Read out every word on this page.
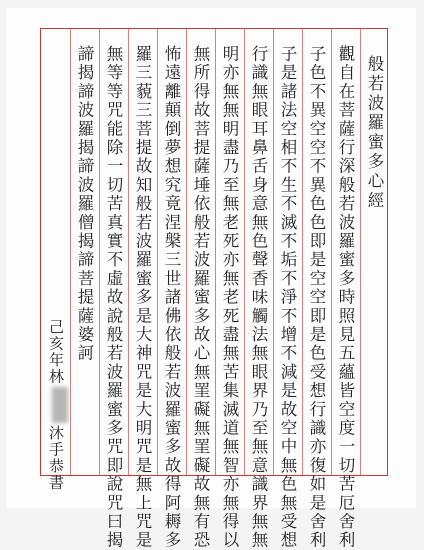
般若波羅蜜多心經
觀自在菩薩行深般若波羅蜜多時照見五蘊皆空度一切苦厄舍利
子色不異空空不異色色即是空空即是色受想行識亦復如是舍利
子是諸法空相不生不滅不垢不淨不增不減是故空中無色無受想
行識無眼耳鼻舌身意無色聲香味觸法無眼界乃至無意識界無無
明亦無無明盡乃至無老死亦無老死盡無苦集滅道無智亦無得以
無所得故菩提薩埵依般若波羅蜜多故心無罣礙無罣礙故無有恐
怖遠離顛倒夢想究竟涅槃三世諸佛依般若波羅蜜多故得阿耨多
羅三藐三菩提故知般若波羅蜜多是大神咒是大明咒是無上咒是
無等等咒能除一切苦真實不虛故說般若波羅蜜多咒即說咒曰揭
諦揭諦波羅揭諦波羅僧揭諦菩提薩婆訶
己亥年林沐手恭書
